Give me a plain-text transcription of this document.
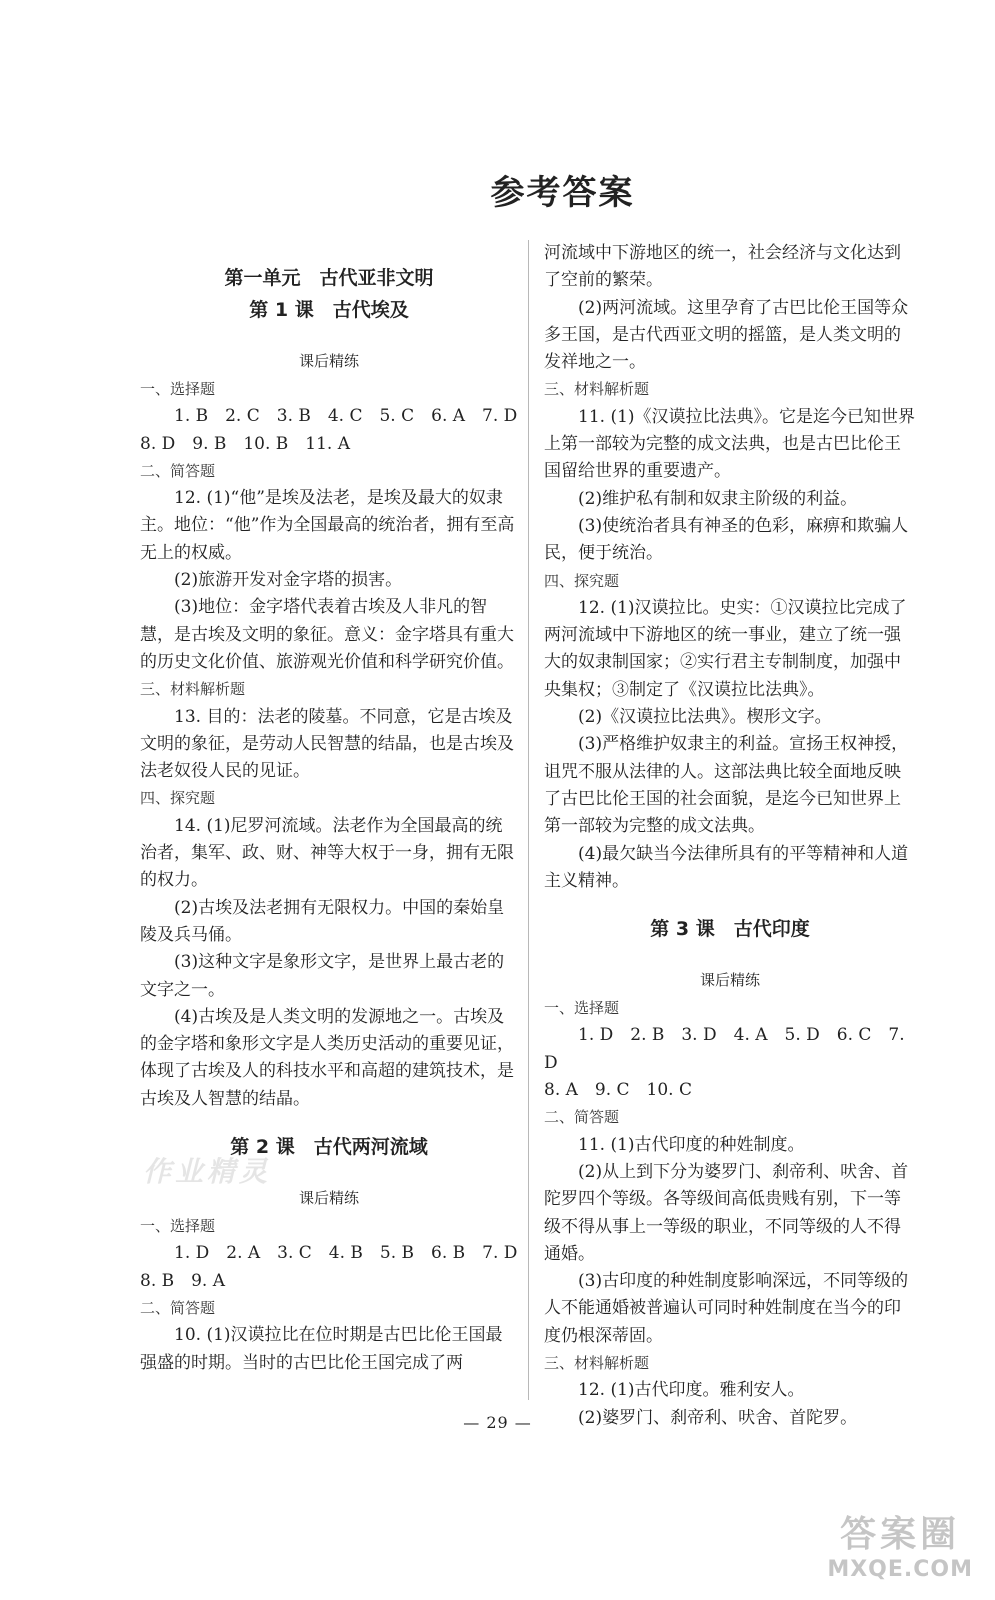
参考答案
第一单元　古代亚非文明
第 1 课　古代埃及
课后精练
一、选择题
1. B　2. C　3. B　4. C　5. C　6. A　7. D
8. D　9. B　10. B　11. A
二、简答题
12. (1)“他”是埃及法老，是埃及最大的奴隶主。地位：“他”作为全国最高的统治者，拥有至高无上的权威。
(2)旅游开发对金字塔的损害。
(3)地位：金字塔代表着古埃及人非凡的智慧，是古埃及文明的象征。意义：金字塔具有重大的历史文化价值、旅游观光价值和科学研究价值。
三、材料解析题
13. 目的：法老的陵墓。不同意，它是古埃及文明的象征，是劳动人民智慧的结晶，也是古埃及法老奴役人民的见证。
四、探究题
14. (1)尼罗河流域。法老作为全国最高的统治者，集军、政、财、神等大权于一身，拥有无限的权力。
(2)古埃及法老拥有无限权力。中国的秦始皇陵及兵马俑。
(3)这种文字是象形文字，是世界上最古老的文字之一。
(4)古埃及是人类文明的发源地之一。古埃及的金字塔和象形文字是人类历史活动的重要见证，体现了古埃及人的科技水平和高超的建筑技术，是古埃及人智慧的结晶。
第 2 课　古代两河流域
课后精练
一、选择题
1. D　2. A　3. C　4. B　5. B　6. B　7. D
8. B　9. A
二、简答题
10. (1)汉谟拉比在位时期是古巴比伦王国最强盛的时期。当时的古巴比伦王国完成了两
河流域中下游地区的统一，社会经济与文化达到了空前的繁荣。
(2)两河流域。这里孕育了古巴比伦王国等众多王国，是古代西亚文明的摇篮，是人类文明的发祥地之一。
三、材料解析题
11. (1)《汉谟拉比法典》。它是迄今已知世界上第一部较为完整的成文法典，也是古巴比伦王国留给世界的重要遗产。
(2)维护私有制和奴隶主阶级的利益。
(3)使统治者具有神圣的色彩，麻痹和欺骗人民，便于统治。
四、探究题
12. (1)汉谟拉比。史实：①汉谟拉比完成了两河流域中下游地区的统一事业，建立了统一强大的奴隶制国家；②实行君主专制制度，加强中央集权；③制定了《汉谟拉比法典》。
(2)《汉谟拉比法典》。楔形文字。
(3)严格维护奴隶主的利益。宣扬王权神授，诅咒不服从法律的人。这部法典比较全面地反映了古巴比伦王国的社会面貌，是迄今已知世界上第一部较为完整的成文法典。
(4)最欠缺当今法律所具有的平等精神和人道主义精神。
第 3 课　古代印度
课后精练
一、选择题
1. D　2. B　3. D　4. A　5. D　6. C　7. D
8. A　9. C　10. C
二、简答题
11. (1)古代印度的种姓制度。
(2)从上到下分为婆罗门、刹帝利、吠舍、首陀罗四个等级。各等级间高低贵贱有别，下一等级不得从事上一等级的职业，不同等级的人不得通婚。
(3)古印度的种姓制度影响深远，不同等级的人不能通婚被普遍认可同时种姓制度在当今的印度仍根深蒂固。
三、材料解析题
12. (1)古代印度。雅利安人。
(2)婆罗门、刹帝利、吠舍、首陀罗。
作业精灵
— 29 —
答案圈
MXQE.COM
